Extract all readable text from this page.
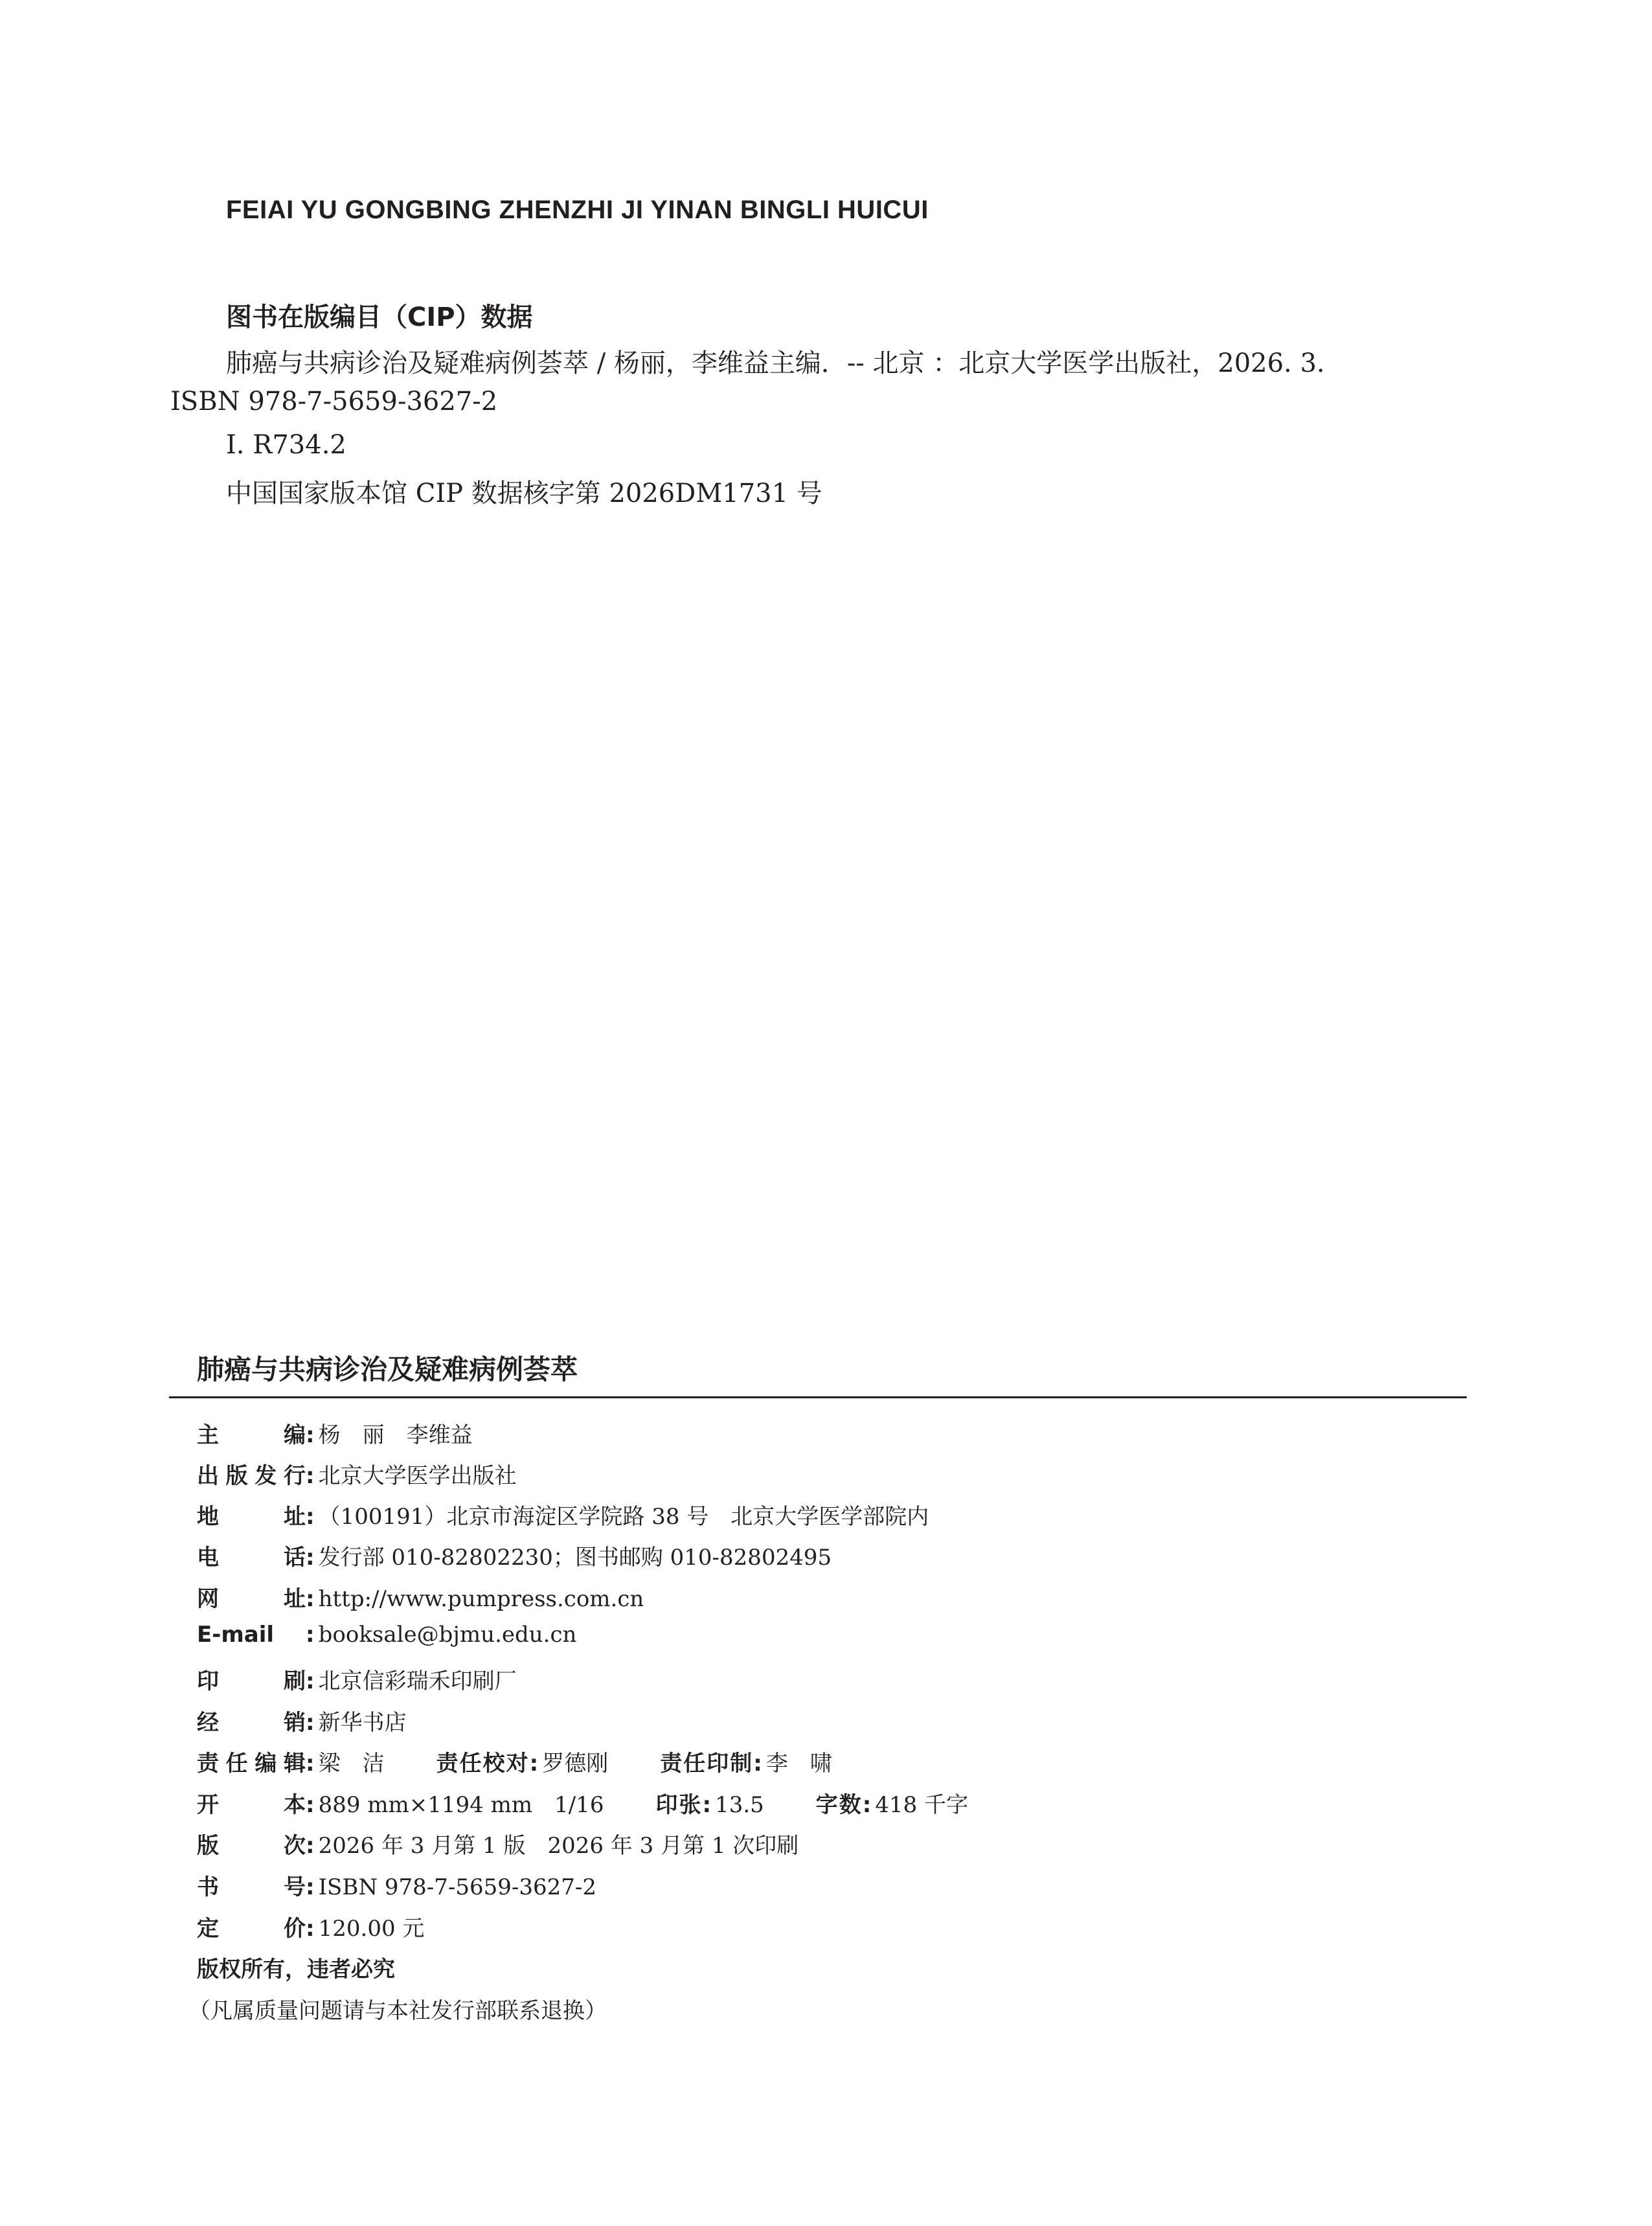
FEIAI YU GONGBING ZHENZHI JI YINAN BINGLI HUICUI
图书在版编目（CIP）数据
肺癌与共病诊治及疑难病例荟萃 / 杨丽，李维益主编．-- 北京 ：北京大学医学出版社，2026. 3.
ISBN 978-7-5659-3627-2
Ⅰ. R734.2
中国国家版本馆 CIP 数据核字第 2026DM1731 号
肺癌与共病诊治及疑难病例荟萃
主编 : 杨　丽　李维益
出版发行 : 北京大学医学出版社
地址 : （100191）北京市海淀区学院路 38 号　北京大学医学部院内
电话 : 发行部 010-82802230；图书邮购 010-82802495
网址 : http://www.pumpress.com.cn
E-mail	: booksale@bjmu.edu.cn
印刷 : 北京信彩瑞禾印刷厂
经销 : 新华书店
责任编辑 : 梁　洁 责任校对 : 罗德刚 责任印制 : 李　啸
开本 : 889 mm×1194 mm　1/16 印张 : 13.5 字数 : 418 千字
版次 : 2026 年 3 月第 1 版　2026 年 3 月第 1 次印刷
书号 : ISBN 978-7-5659-3627-2
定价 : 120.00 元
版权所有，违者必究
（凡属质量问题请与本社发行部联系退换）
